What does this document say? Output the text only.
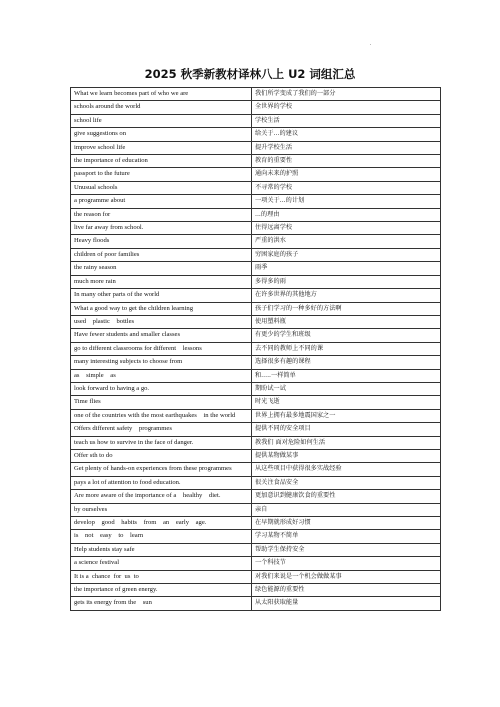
2025 秋季新教材译林八上 U2 词组汇总
What we learn becomes part of who we are	我们所学变成了我们的一部分
schools around the world	全世界的学校
school life	学校生活
give suggestions on	给关于...的建议
improve school life	提升学校生活
the importance of education	教育的重要性
passport to the future	通向未来的护照
Unusual schools	不寻常的学校
a programme about	一项关于...的计划
the reason for	...的理由
live far away from school.	住得远离学校
Heavy floods	严重的洪水
children of poor families	穷困家庭的孩子
the rainy season	雨季
much more rain	多得多的雨
In many other parts of the world	在许多世界的其他地方
What a good way to get the children learning	孩子们学习的一种多好的方法啊
used    plastic    bottles	使用塑料瓶
Have fewer students and smaller classes	有更少的学生和班级
go to different classrooms for different    lessons	去不同的教师上不同的课
many interesting subjects to choose from	选择很多有趣的课程
as    simple    as	和.....一样简单
look forward to having a go.	期盼试一试
Time flies	时光飞逝
one of the countries with the most earthquakes    in the world	世界上拥有最多地震国家之一
Offers different safety    programmes	提供不同的安全项目
teach us how to survive in the face of danger.	教我们 面对危险如何生活
Offer sth to do	提供某物做某事
Get plenty of hands-on experiences from these programmes	从这些项目中获得很多实战经验
pays a lot of attention to food education.	很关注食品安全
Are more aware of the importance of a    healthy    diet.	更加意识到健康饮食的重要性
by ourselves	亲自
develop    good    habits    from    an    early    age.	在早期就形成好习惯
is    not    easy    to    learn	学习某物不简单
Help students stay safe	帮助学生保持安全
a science festival	一个科技节
It is a  chance  for  us  to	对我们来说是一个机会做做某事
the importance of green energy.	绿色能源的重要性
gets its energy from the    sun	从太阳获取能量
